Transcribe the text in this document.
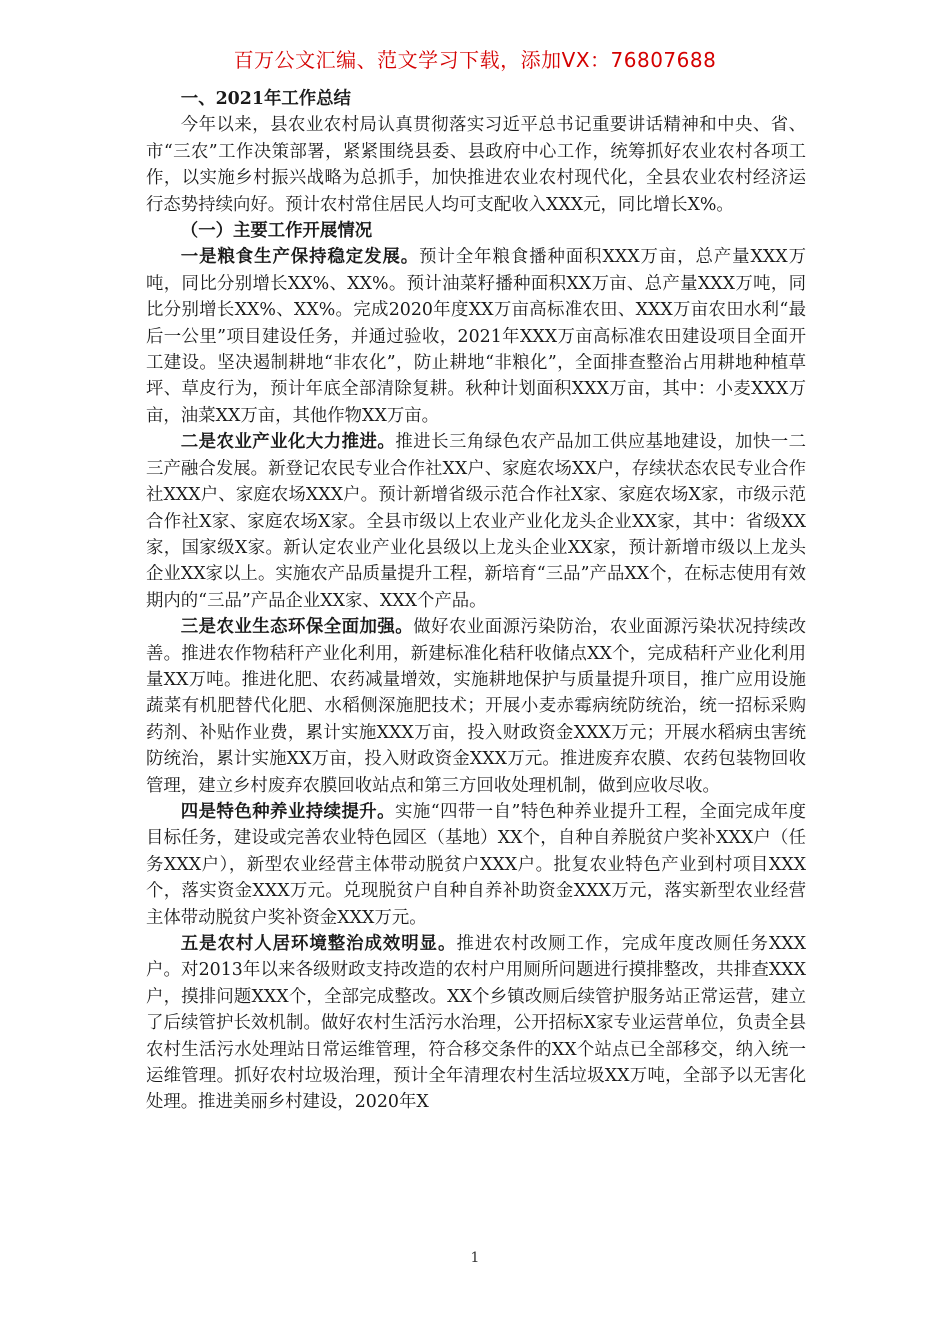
百万公文汇编、范文学习下载，添加VX：76807688

一、2021年工作总结

今年以来，县农业农村局认真贯彻落实习近平总书记重要讲话精神和中央、省、市“三农”工作决策部署，紧紧围绕县委、县政府中心工作，统筹抓好农业农村各项工作，以实施乡村振兴战略为总抓手，加快推进农业农村现代化，全县农业农村经济运行态势持续向好。预计农村常住居民人均可支配收入XXX元，同比增长X%。

（一）主要工作开展情况

一是粮食生产保持稳定发展。预计全年粮食播种面积XXX万亩，总产量XXX万吨，同比分别增长XX%、XX%。预计油菜籽播种面积XX万亩、总产量XXX万吨，同比分别增长XX%、XX%。完成2020年度XX万亩高标准农田、XXX万亩农田水利“最后一公里”项目建设任务，并通过验收，2021年XXX万亩高标准农田建设项目全面开工建设。坚决遏制耕地“非农化”，防止耕地“非粮化”，全面排查整治占用耕地种植草坪、草皮行为，预计年底全部清除复耕。秋种计划面积XXX万亩，其中：小麦XXX万亩，油菜XX万亩，其他作物XX万亩。

二是农业产业化大力推进。推进长三角绿色农产品加工供应基地建设，加快一二三产融合发展。新登记农民专业合作社XX户、家庭农场XX户，存续状态农民专业合作社XXX户、家庭农场XXX户。预计新增省级示范合作社X家、家庭农场X家，市级示范合作社X家、家庭农场X家。全县市级以上农业产业化龙头企业XX家，其中：省级XX家，国家级X家。新认定农业产业化县级以上龙头企业XX家，预计新增市级以上龙头企业XX家以上。实施农产品质量提升工程，新培育“三品”产品XX个，在标志使用有效期内的“三品”产品企业XX家、XXX个产品。

三是农业生态环保全面加强。做好农业面源污染防治，农业面源污染状况持续改善。推进农作物秸秆产业化利用，新建标准化秸秆收储点XX个，完成秸秆产业化利用量XX万吨。推进化肥、农药减量增效，实施耕地保护与质量提升项目，推广应用设施蔬菜有机肥替代化肥、水稻侧深施肥技术；开展小麦赤霉病统防统治，统一招标采购药剂、补贴作业费，累计实施XXX万亩，投入财政资金XXX万元；开展水稻病虫害统防统治，累计实施XX万亩，投入财政资金XXX万元。推进废弃农膜、农药包装物回收管理，建立乡村废弃农膜回收站点和第三方回收处理机制，做到应收尽收。

四是特色种养业持续提升。实施“四带一自”特色种养业提升工程，全面完成年度目标任务，建设或完善农业特色园区（基地）XX个，自种自养脱贫户奖补XXX户（任务XXX户），新型农业经营主体带动脱贫户XXX户。批复农业特色产业到村项目XXX个，落实资金XXX万元。兑现脱贫户自种自养补助资金XXX万元，落实新型农业经营主体带动脱贫户奖补资金XXX万元。

五是农村人居环境整治成效明显。推进农村改厕工作，完成年度改厕任务XXX户。对2013年以来各级财政支持改造的农村户用厕所问题进行摸排整改，共排查XXX户，摸排问题XXX个，全部完成整改。XX个乡镇改厕后续管护服务站正常运营，建立了后续管护长效机制。做好农村生活污水治理，公开招标X家专业运营单位，负责全县农村生活污水处理站日常运维管理，符合移交条件的XX个站点已全部移交，纳入统一运维管理。抓好农村垃圾治理，预计全年清理农村生活垃圾XX万吨，全部予以无害化处理。推进美丽乡村建设，2020年X

1
